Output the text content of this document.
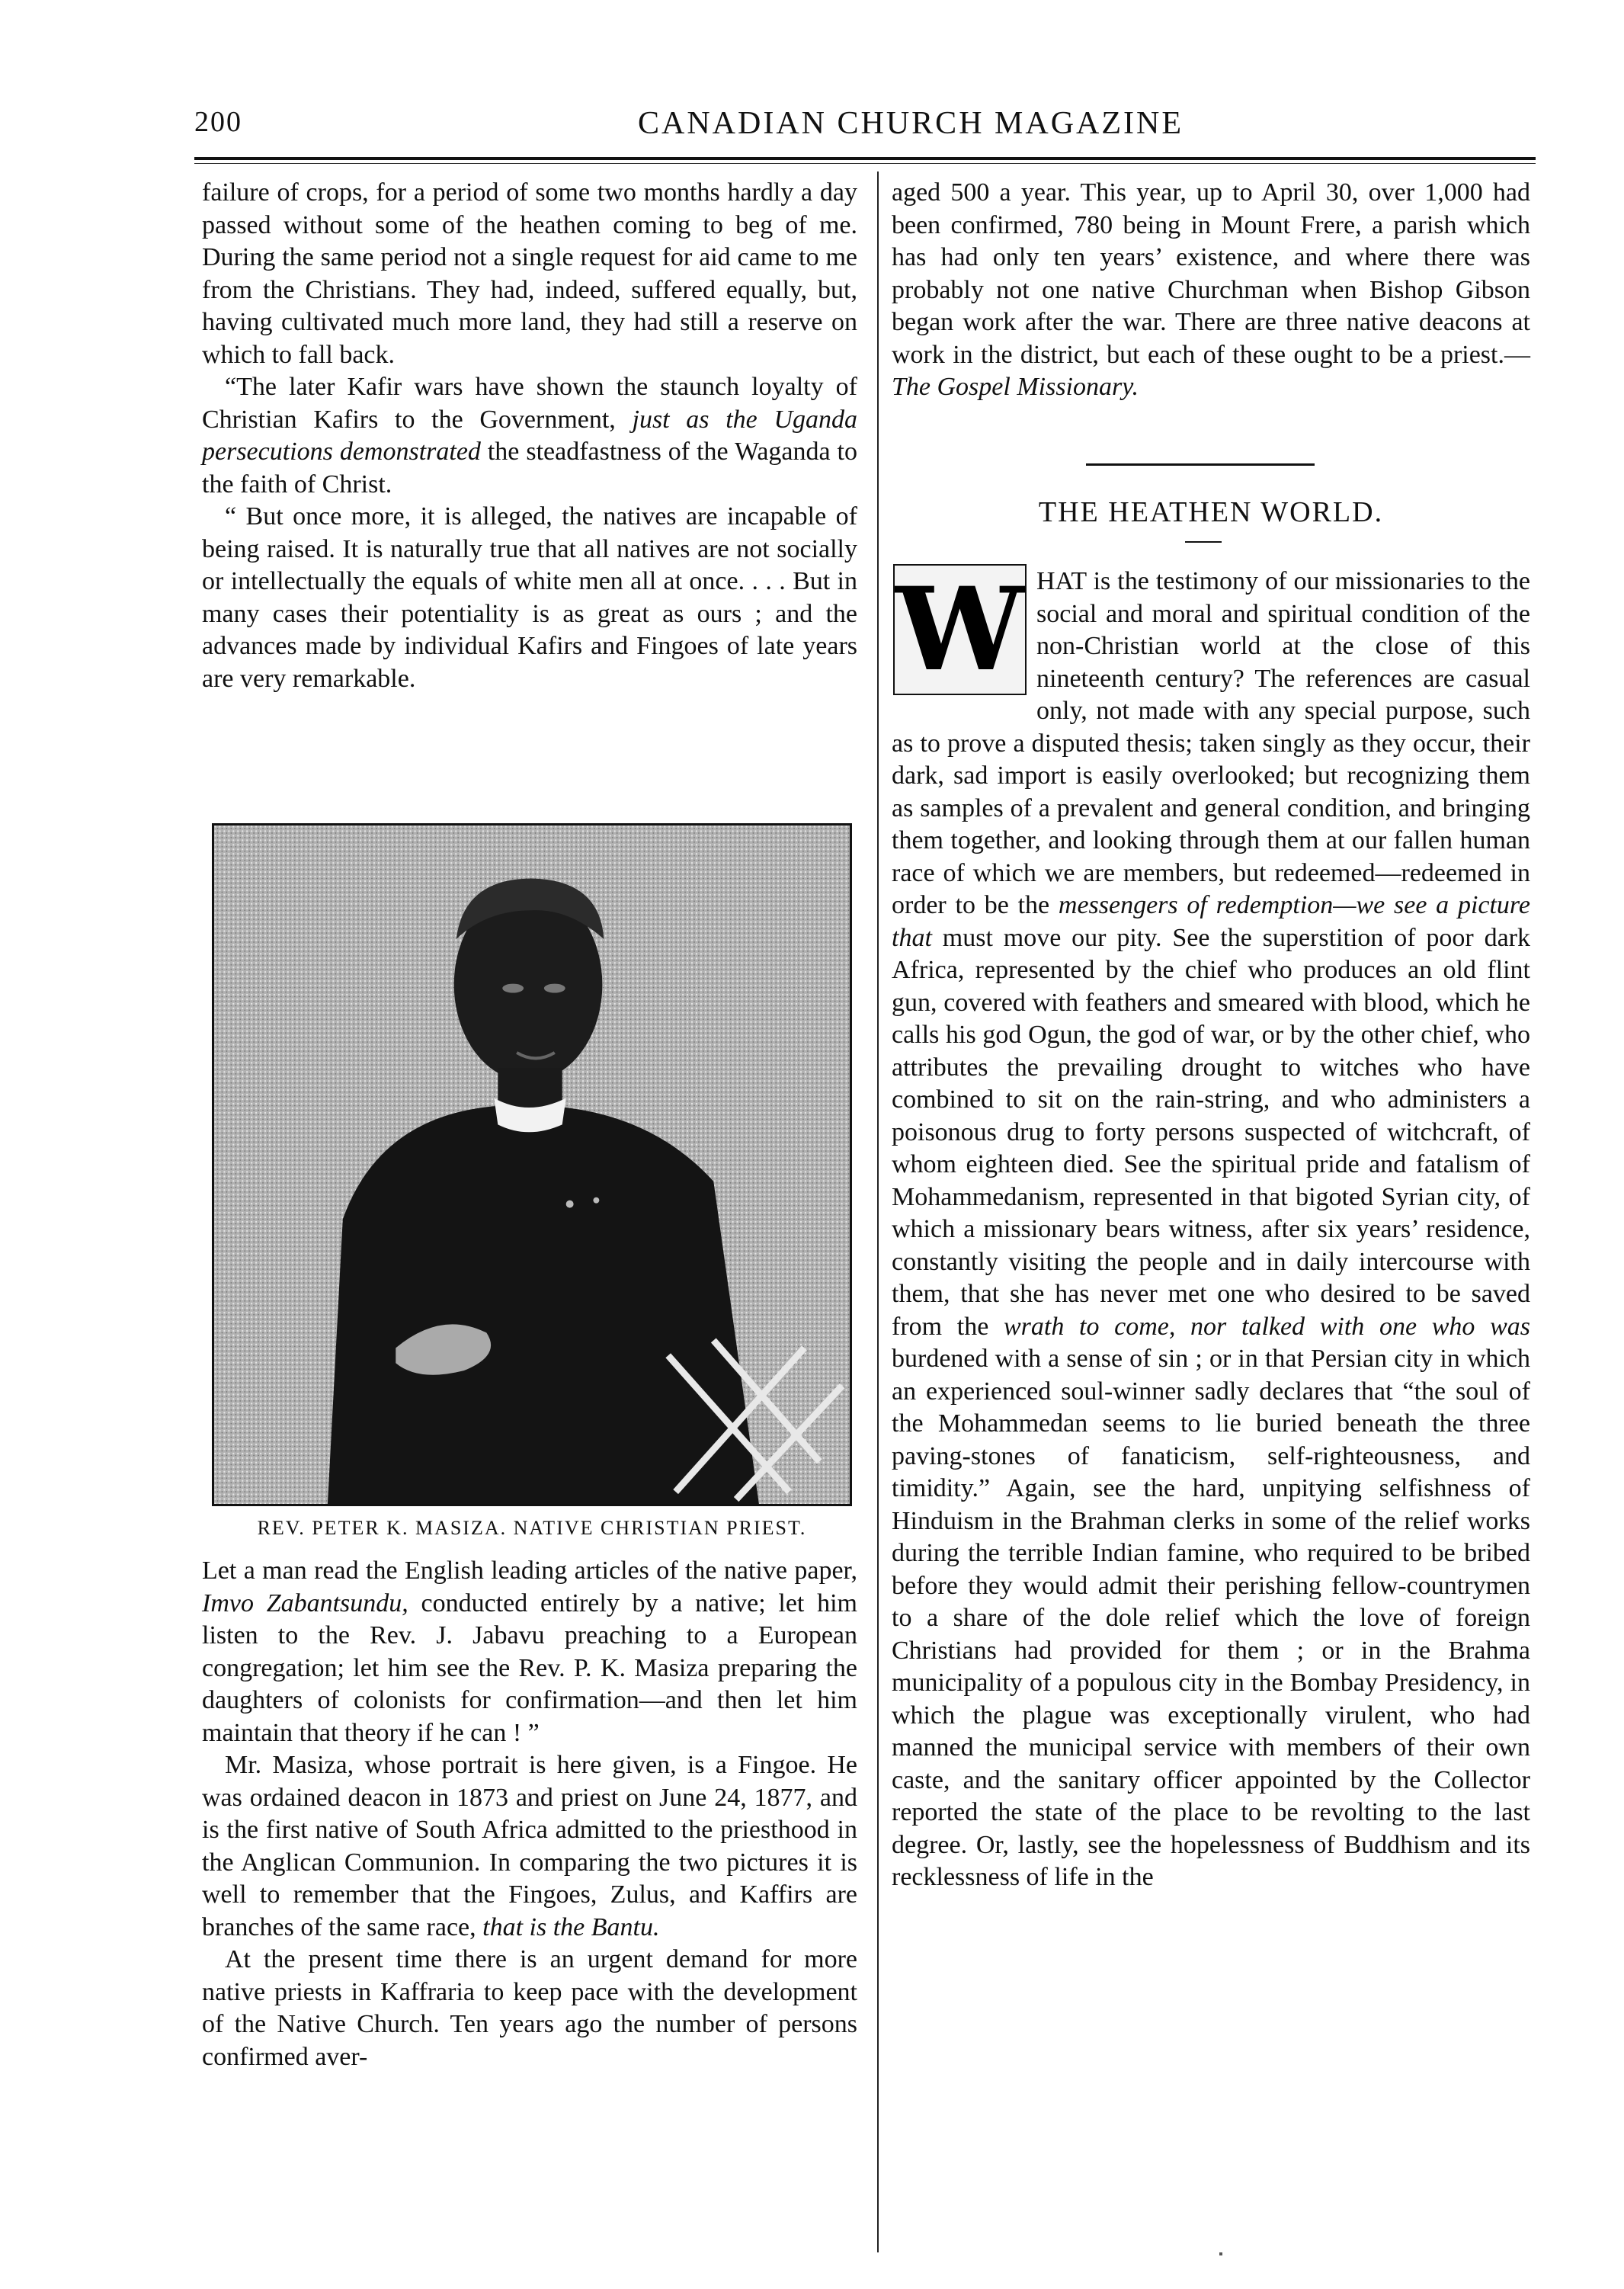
200	CANADIAN CHURCH MAGAZINE

failure of crops, for a period of some two months hardly a day passed without some of the heathen coming to beg of me. During the same period not a single request for aid came to me from the Christians. They had, indeed, suffered equally, but, having cultivated much more land, they had still a reserve on which to fall back.

“The later Kafir wars have shown the staunch loyalty of Christian Kafirs to the Government, just as the Uganda persecutions demonstrated the steadfastness of the Waganda to the faith of Christ.

“ But once more, it is alleged, the natives are incapable of being raised. It is naturally true that all natives are not socially or intellectually the equals of white men all at once. . . . But in many cases their potentiality is as great as ours ; and the advances made by individual Kafirs and Fingoes of late years are very remarkable.

REV. PETER K. MASIZA. NATIVE CHRISTIAN PRIEST.

Let a man read the English leading articles of the native paper, Imvo Zabantsundu, conducted entirely by a native; let him listen to the Rev. J. Jabavu preaching to a European congregation; let him see the Rev. P. K. Masiza preparing the daughters of colonists for confirmation—and then let him maintain that theory if he can ! ”

Mr. Masiza, whose portrait is here given, is a Fingoe. He was ordained deacon in 1873 and priest on June 24, 1877, and is the first native of South Africa admitted to the priesthood in the Anglican Communion. In comparing the two pictures it is well to remember that the Fingoes, Zulus, and Kaffirs are branches of the same race, that is the Bantu.

At the present time there is an urgent demand for more native priests in Kaffraria to keep pace with the development of the Native Church. Ten years ago the number of persons confirmed aver-

aged 500 a year. This year, up to April 30, over 1,000 had been confirmed, 780 being in Mount Frere, a parish which has had only ten years’ existence, and where there was probably not one native Churchman when Bishop Gibson began work after the war. There are three native deacons at work in the district, but each of these ought to be a priest.—The Gospel Missionary.

THE HEATHEN WORLD.
W HAT is the testimony of our missionaries to the social and moral and spiritual condition of the non-Christian world at the close of this nineteenth century? The references are casual only, not made with any special purpose, such as to prove a disputed thesis; taken singly as they occur, their dark, sad import is easily overlooked; but recognizing them as samples of a prevalent and general condition, and bringing them together, and looking through them at our fallen human race of which we are members, but redeemed—redeemed in order to be the messengers of redemption—we see a picture that must move our pity. See the superstition of poor dark Africa, represented by the chief who produces an old flint gun, covered with feathers and smeared with blood, which he calls his god Ogun, the god of war, or by the other chief, who attributes the prevailing drought to witches who have combined to sit on the rain-string, and who administers a poisonous drug to forty persons suspected of witchcraft, of whom eighteen died. See the spiritual pride and fatalism of Mohammedanism, represented in that bigoted Syrian city, of which a missionary bears witness, after six years’ residence, constantly visiting the people and in daily intercourse with them, that she has never met one who desired to be saved from the wrath to come, nor talked with one who was burdened with a sense of sin ; or in that Persian city in which an experienced soul-winner sadly declares that “the soul of the Mohammedan seems to lie buried beneath the three paving-stones of fanaticism, self-righteousness, and timidity.” Again, see the hard, unpitying selfishness of Hinduism in the Brahman clerks in some of the relief works during the terrible Indian famine, who required to be bribed before they would admit their perishing fellow-countrymen to a share of the dole relief which the love of foreign Christians had provided for them ; or in the Brahma municipality of a populous city in the Bombay Presidency, in which the plague was exceptionally virulent, who had manned the municipal service with members of their own caste, and the sanitary officer appointed by the Collector reported the state of the place to be revolting to the last degree. Or, lastly, see the hopelessness of Buddhism and its recklessness of life in the
